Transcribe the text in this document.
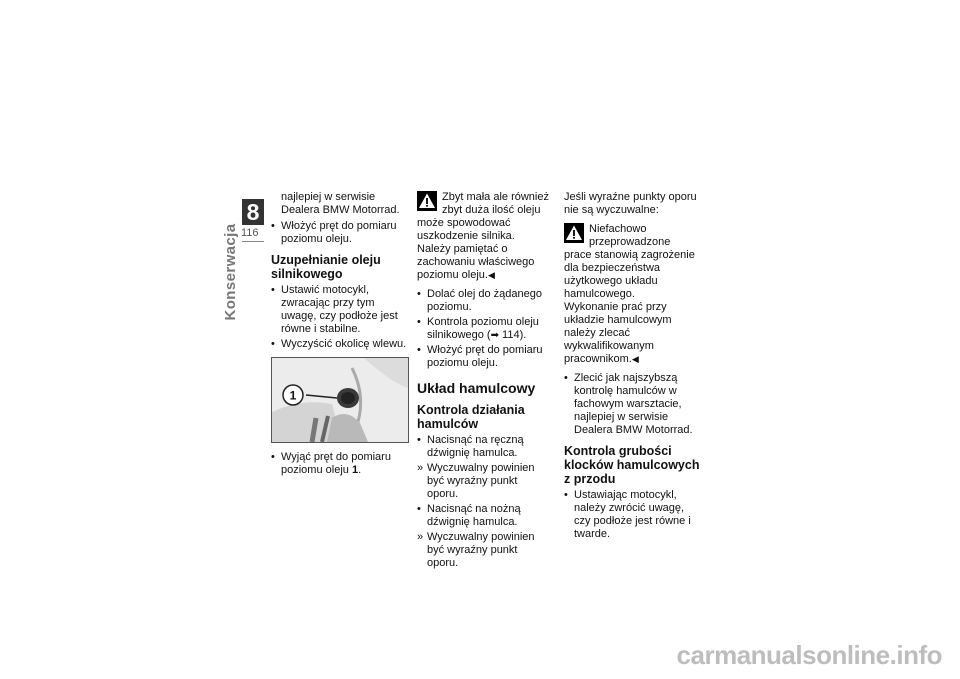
8
116
Konserwacja

najlepiej w serwisie Dealera BMW Motorrad.

• Włożyć pręt do pomiaru poziomu oleju.
Uzupełnianie oleju silnikowego
• Ustawić motocykl, zwracając przy tym uwagę, czy podłoże jest równe i stabilne.
• Wyczyścić okolicę wlewu.
1
• Wyjąć pręt do pomiaru poziomu oleju 1.
Zbyt mała ale również zbyt duża ilość oleju może spowodować uszkodzenie silnika. Należy pamiętać o zachowaniu właściwego poziomu oleju.◀
• Dolać olej do żądanego poziomu.
• Kontrola poziomu oleju silnikowego (➡ 114).
• Włożyć pręt do pomiaru poziomu oleju.
Układ hamulcowy
Kontrola działania hamulców
• Nacisnąć na ręczną dźwignię hamulca.
» Wyczuwalny powinien być wyraźny punkt oporu.
• Nacisnąć na nożną dźwignię hamulca.
» Wyczuwalny powinien być wyraźny punkt oporu.

Jeśli wyraźne punkty oporu nie są wyczuwalne:

Niefachowo przeprowadzone prace stanowią zagrożenie dla bezpieczeństwa użytkowego układu hamulcowego.
Wykonanie prać przy układzie hamulcowym należy zlecać wykwalifikowanym pracownikom.◀
• Zlecić jak najszybszą kontrolę hamulców w fachowym warsztacie, najlepiej w serwisie Dealera BMW Motorrad.
Kontrola grubości klocków hamulcowych z przodu
• Ustawiając motocykl, należy zwrócić uwagę, czy podłoże jest równe i twarde.
carmanualsonline.info
